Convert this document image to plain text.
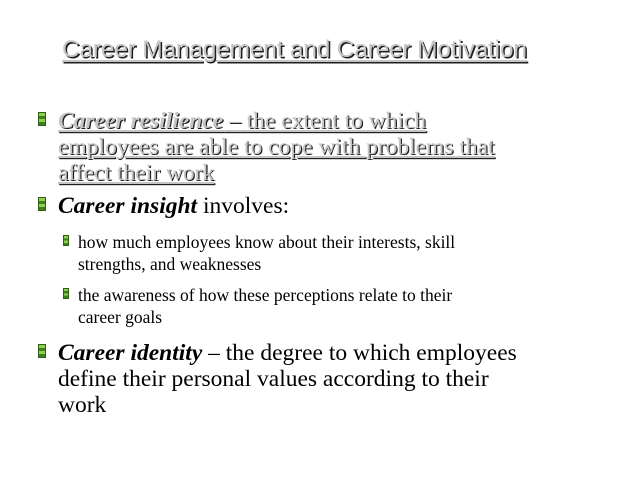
Career Management and Career Motivation
Career resilience – the extent to which
employees are able to cope with problems that
affect their work
Career insight involves:
how much employees know about their interests, skill
strengths, and weaknesses
the awareness of how these perceptions relate to their
career goals
Career identity – the degree to which employees
define their personal values according to their
work
